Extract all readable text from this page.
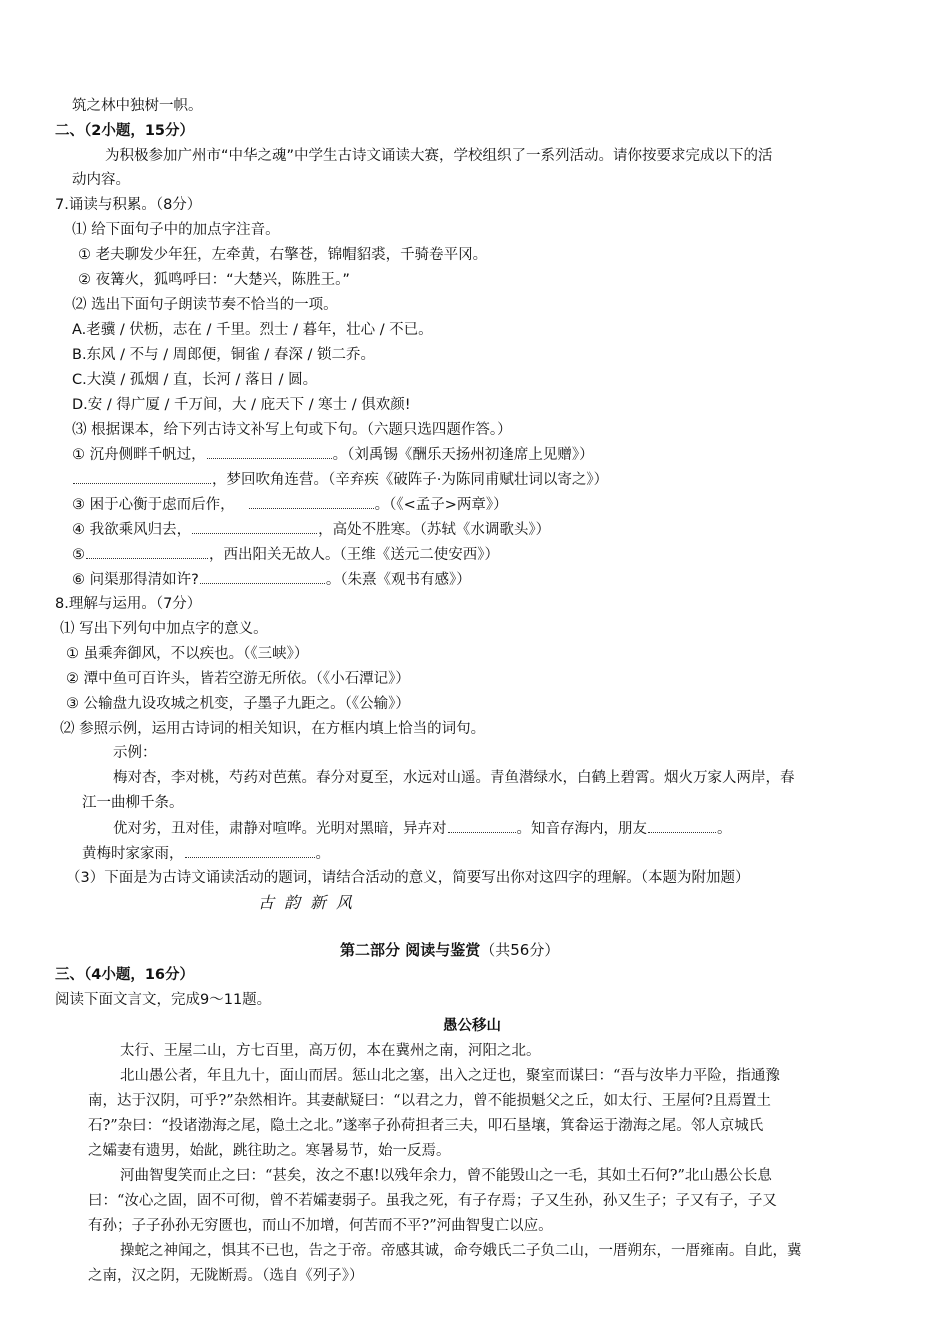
筑之林中独树一帜。
二、（2小题，15分）
为积极参加广州市“中华之魂”中学生古诗文诵读大赛，学校组织了一系列活动。请你按要求完成以下的活
动内容。
7.诵读与积累。（8分）
⑴ 给下面句子中的加点字注音。
① 老夫聊发少年狂，左牵黄，右擎苍，锦帽貂裘，千骑卷平冈。
② 夜篝火，狐鸣呼曰：“大楚兴，陈胜王。”
⑵ 选出下面句子朗读节奏不恰当的一项。
A.老骥 / 伏枥，志在 / 千里。烈士 / 暮年，壮心 / 不已。
B.东风 / 不与 / 周郎便，铜雀 / 春深 / 锁二乔。
C.大漠 / 孤烟 / 直，长河 / 落日 / 圆。
D.安 / 得广厦 / 千万间，大 / 庇天下 / 寒士 / 俱欢颜!
⑶ 根据课本，给下列古诗文补写上句或下句。（六题只选四题作答。）
① 沉舟侧畔千帆过，	。（刘禹锡《酬乐天扬州初逢席上见赠》）
，梦回吹角连营。（辛弃疾《破阵子·为陈同甫赋壮词以寄之》）
③ 困于心衡于虑而后作，	。（《<孟子>两章》）
④ 我欲乘风归去，	，高处不胜寒。（苏轼《水调歌头》）
⑤	，西出阳关无故人。（王维《送元二使安西》）
⑥ 问渠那得清如许?	。（朱熹《观书有感》）
8.理解与运用。（7分）
⑴ 写出下列句中加点字的意义。
① 虽乘奔御风，不以疾也。（《三峡》）
② 潭中鱼可百许头，皆若空游无所依。（《小石潭记》）
③ 公输盘九设攻城之机变，子墨子九距之。（《公输》）
⑵ 参照示例，运用古诗词的相关知识，在方框内填上恰当的词句。
示例：
梅对杏，李对桃，芍药对芭蕉。春分对夏至，水远对山遥。青鱼潜绿水，白鹤上碧霄。烟火万家人两岸，春
江一曲柳千条。
优对劣，丑对佳，肃静对喧哗。光明对黑暗，异卉对	。知音存海内，朋友	。
黄梅时家家雨，	。
（3）下面是为古诗文诵读活动的题词，请结合活动的意义，简要写出你对这四字的理解。（本题为附加题）
古韵新风
第二部分 阅读与鉴赏（共56分）
三、（4小题，16分）
阅读下面文言文，完成9～11题。
愚公移山
太行、王屋二山，方七百里，高万仞，本在冀州之南，河阳之北。
北山愚公者，年且九十，面山而居。惩山北之塞，出入之迂也，聚室而谋曰：“吾与汝毕力平险，指通豫
南，达于汉阴，可乎?”杂然相许。其妻献疑曰：“以君之力，曾不能损魁父之丘，如太行、王屋何?且焉置土
石?”杂曰：“投诸渤海之尾，隐土之北。”遂率子孙荷担者三夫，叩石垦壤，箕畚运于渤海之尾。邻人京城氏
之孀妻有遗男，始龀，跳往助之。寒暑易节，始一反焉。
河曲智叟笑而止之曰：“甚矣，汝之不惠!以残年余力，曾不能毁山之一毛，其如土石何?”北山愚公长息
曰：“汝心之固，固不可彻，曾不若孀妻弱子。虽我之死，有子存焉；子又生孙，孙又生子；子又有子，子又
有孙；子子孙孙无穷匮也，而山不加增，何苦而不平?”河曲智叟亡以应。
操蛇之神闻之，惧其不已也，告之于帝。帝感其诚，命夸娥氏二子负二山，一厝朔东，一厝雍南。自此，冀
之南，汉之阴，无陇断焉。（选自《列子》）
